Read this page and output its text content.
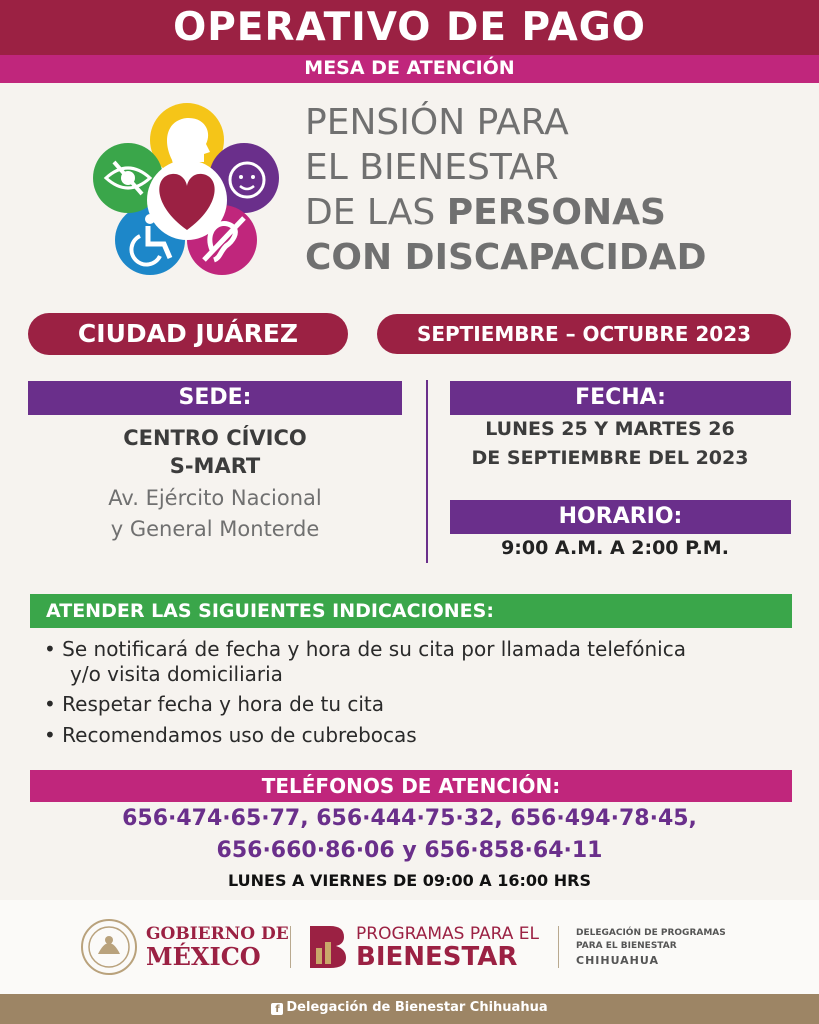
OPERATIVO DE PAGO
MESA DE ATENCIÓN
PENSIÓN PARA
EL BIENESTAR
DE LAS PERSONAS
CON DISCAPACIDAD
CIUDAD JUÁREZ	SEPTIEMBRE – OCTUBRE 2023
SEDE:
CENTRO CÍVICO
S-MART
Av. Ejército Nacional
y General Monterde
FECHA:
LUNES 25 Y MARTES 26
DE SEPTIEMBRE DEL 2023
HORARIO:
9:00 A.M. A 2:00 P.M.
ATENDER LAS SIGUIENTES INDICACIONES:
• Se notificará de fecha y hora de su cita por llamada telefónica
y/o visita domiciliaria
• Respetar fecha y hora de tu cita
• Recomendamos uso de cubrebocas
TELÉFONOS DE ATENCIÓN:
656·474·65·77, 656·444·75·32, 656·494·78·45,
656·660·86·06 y 656·858·64·11
LUNES A VIERNES DE 09:00 A 16:00 HRS
GOBIERNO DE
MÉXICO
PROGRAMAS PARA EL
BIENESTAR
DELEGACIÓN DE PROGRAMAS
PARA EL BIENESTAR
CHIHUAHUA
f Delegación de Bienestar Chihuahua
